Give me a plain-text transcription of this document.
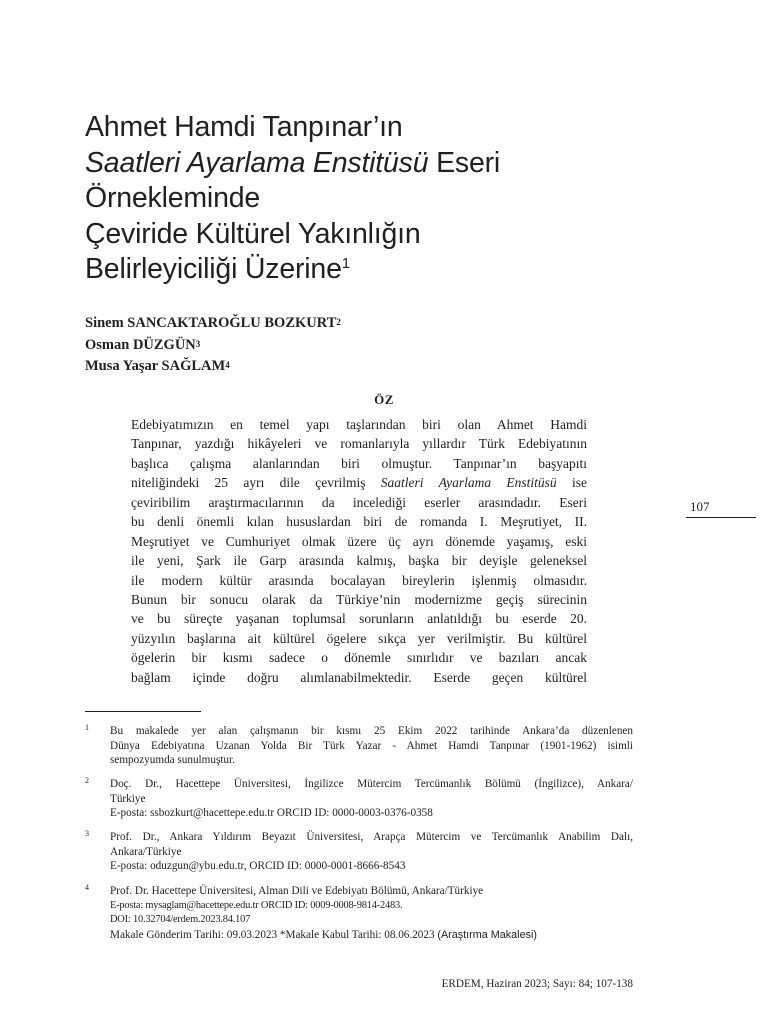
Ahmet Hamdi Tanpınar’ın
Saatleri Ayarlama Enstitüsü Eseri
Örnekleminde
Çeviride Kültürel Yakınlığın
Belirleyiciliği Üzerine$^1$
Sinem SANCAKTAROĞLU BOZKURT$^2$
Osman DÜZGÜN$^3$
Musa Yaşar SAĞLAM$^4$
ÖZ
Edebiyatımızın en temel yapı taşlarından biri olan Ahmet Hamdi
Tanpınar, yazdığı hikâyeleri ve romanlarıyla yıllardır Türk Edebiyatının
başlıca çalışma alanlarından biri olmuştur. Tanpınar’ın başyapıtı
niteliğindeki 25 ayrı dile çevrilmiş Saatleri Ayarlama Enstitüsü ise
çeviribilim araştırmacılarının da incelediği eserler arasındadır. Eseri
bu denli önemli kılan hususlardan biri de romanda I. Meşrutiyet, II.
Meşrutiyet ve Cumhuriyet olmak üzere üç ayrı dönemde yaşamış, eski
ile yeni, Şark ile Garp arasında kalmış, başka bir deyişle geleneksel
ile modern kültür arasında bocalayan bireylerin işlenmiş olmasıdır.
Bunun bir sonucu olarak da Türkiye’nin modernizme geçiş sürecinin
ve bu süreçte yaşanan toplumsal sorunların anlatıldığı bu eserde 20.
yüzyılın başlarına ait kültürel ögelere sıkça yer verilmiştir. Bu kültürel
ögelerin bir kısmı sadece o dönemle sınırlıdır ve bazıları ancak
bağlam içinde doğru alımlanabilmektedir. Eserde geçen kültürel
107
1 Bu makalede yer alan çalışmanın bir kısmı 25 Ekim 2022 tarihinde Ankara’da düzenlenen
Dünya Edebiyatına Uzanan Yolda Bir Türk Yazar - Ahmet Hamdi Tanpınar (1901-1962) isimli
sempozyumda sunulmuştur.
2 Doç. Dr., Hacettepe Üniversitesi, İngilizce Mütercim Tercümanlık Bölümü (İngilizce), Ankara/
Türkiye
E-posta: ssbozkurt@hacettepe.edu.tr ORCID ID: 0000-0003-0376-0358
3 Prof. Dr., Ankara Yıldırım Beyazıt Üniversitesi, Arapça Mütercim ve Tercümanlık Anabilim Dalı,
Ankara/Türkiye
E-posta: oduzgun@ybu.edu.tr, ORCID ID: 0000-0001-8666-8543
4 Prof. Dr. Hacettepe Üniversitesi, Alman Dili ve Edebiyatı Bölümü, Ankara/Türkiye
E-posta: mysaglam@hacettepe.edu.tr ORCID ID: 0009-0008-9814-2483.
DOI: 10.32704/erdem.2023.84.107
Makale Gönderim Tarihi: 09.03.2023 *Makale Kabul Tarihi: 08.06.2023 (Araştırma Makalesi)
ERDEM, Haziran 2023; Sayı: 84; 107-138
